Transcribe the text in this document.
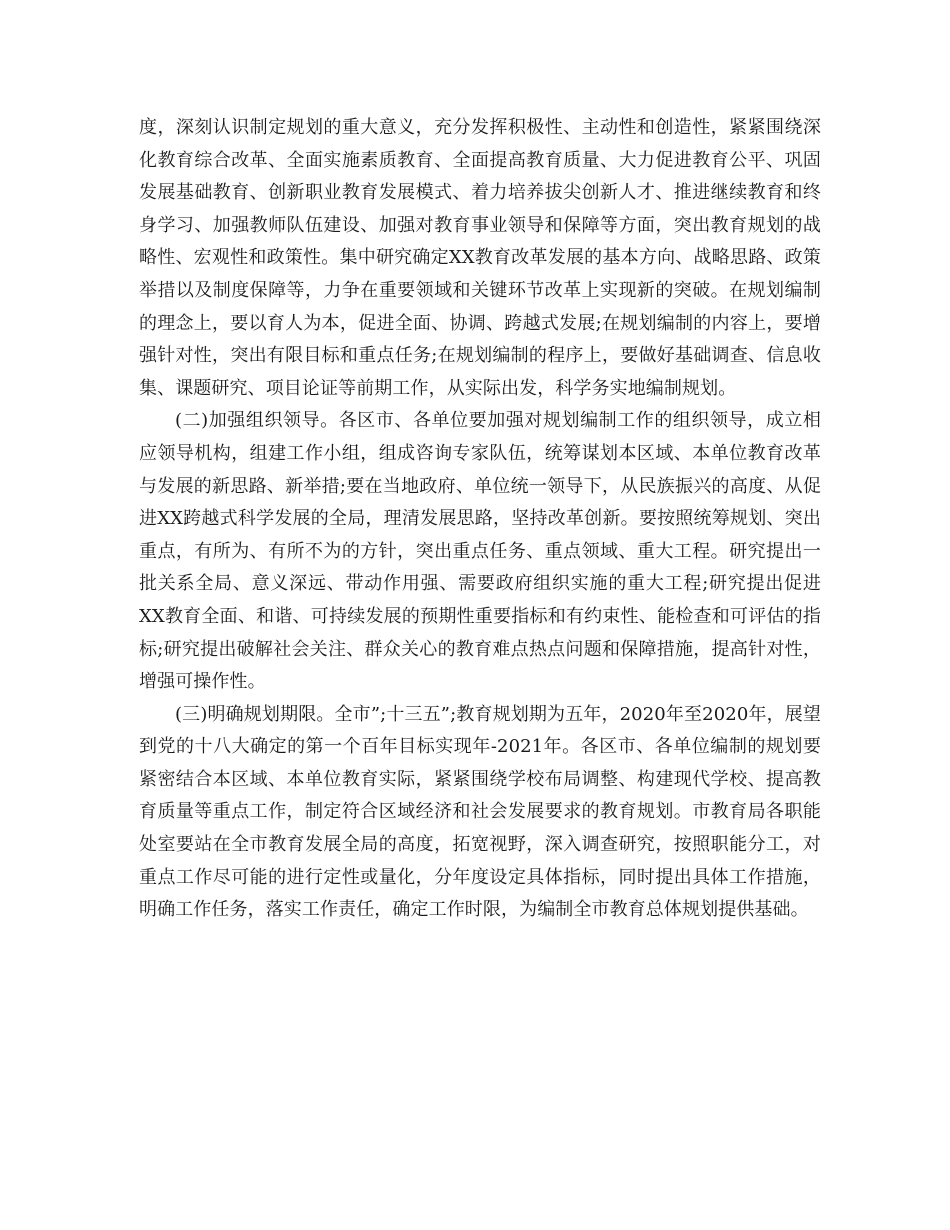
度，深刻认识制定规划的重大意义，充分发挥积极性、主动性和创造性，紧紧围绕深化教育综合改革、全面实施素质教育、全面提高教育质量、大力促进教育公平、巩固发展基础教育、创新职业教育发展模式、着力培养拔尖创新人才、推进继续教育和终身学习、加强教师队伍建设、加强对教育事业领导和保障等方面，突出教育规划的战略性、宏观性和政策性。集中研究确定XX教育改革发展的基本方向、战略思路、政策举措以及制度保障等，力争在重要领域和关键环节改革上实现新的突破。在规划编制的理念上，要以育人为本，促进全面、协调、跨越式发展;在规划编制的内容上，要增强针对性，突出有限目标和重点任务;在规划编制的程序上，要做好基础调查、信息收集、课题研究、项目论证等前期工作，从实际出发，科学务实地编制规划。

(二)加强组织领导。各区市、各单位要加强对规划编制工作的组织领导，成立相应领导机构，组建工作小组，组成咨询专家队伍，统筹谋划本区域、本单位教育改革与发展的新思路、新举措;要在当地政府、单位统一领导下，从民族振兴的高度、从促进XX跨越式科学发展的全局，理清发展思路，坚持改革创新。要按照统筹规划、突出重点，有所为、有所不为的方针，突出重点任务、重点领域、重大工程。研究提出一批关系全局、意义深远、带动作用强、需要政府组织实施的重大工程;研究提出促进XX教育全面、和谐、可持续发展的预期性重要指标和有约束性、能检查和可评估的指标;研究提出破解社会关注、群众关心的教育难点热点问题和保障措施，提高针对性，增强可操作性。

(三)明确规划期限。全市”;十三五”;教育规划期为五年，2020年至2020年，展望到党的十八大确定的第一个百年目标实现年-2021年。各区市、各单位编制的规划要紧密结合本区域、本单位教育实际，紧紧围绕学校布局调整、构建现代学校、提高教育质量等重点工作，制定符合区域经济和社会发展要求的教育规划。市教育局各职能处室要站在全市教育发展全局的高度，拓宽视野，深入调查研究，按照职能分工，对重点工作尽可能的进行定性或量化，分年度设定具体指标，同时提出具体工作措施，明确工作任务，落实工作责任，确定工作时限，为编制全市教育总体规划提供基础。
